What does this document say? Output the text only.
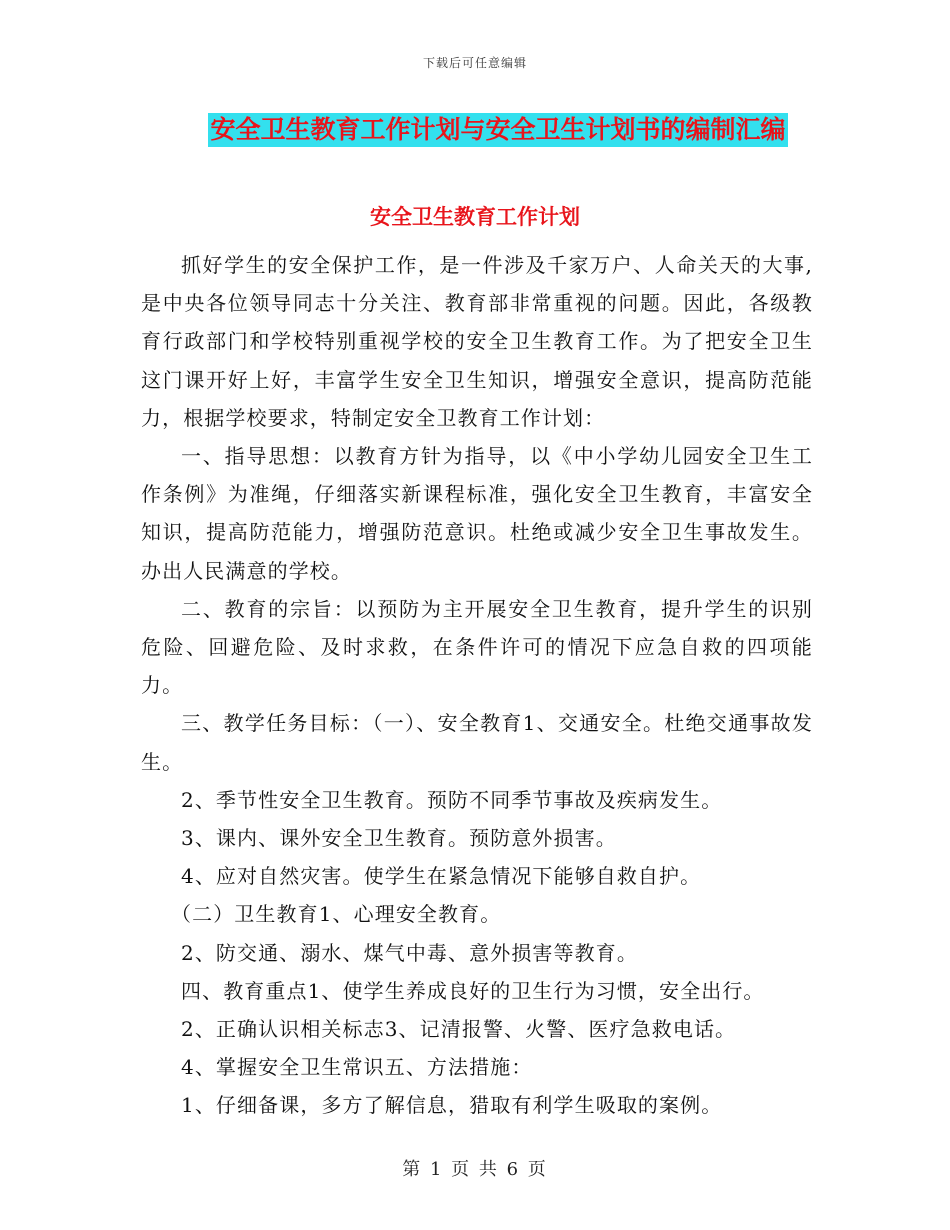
下载后可任意编辑
安全卫生教育工作计划与安全卫生计划书的编制汇编
安全卫生教育工作计划

抓好学生的安全保护工作，是一件涉及千家万户、人命关天的大事,是中央各位领导同志十分关注、教育部非常重视的问题。因此，各级教育行政部门和学校特别重视学校的安全卫生教育工作。为了把安全卫生这门课开好上好，丰富学生安全卫生知识，增强安全意识，提高防范能力，根据学校要求，特制定安全卫教育工作计划：

一、指导思想：以教育方针为指导，以《中小学幼儿园安全卫生工作条例》为准绳，仔细落实新课程标准，强化安全卫生教育，丰富安全知识，提高防范能力，增强防范意识。杜绝或减少安全卫生事故发生。办出人民满意的学校。

二、教育的宗旨：以预防为主开展安全卫生教育，提升学生的识别危险、回避危险、及时求救，在条件许可的情况下应急自救的四项能力。

三、教学任务目标：（一）、安全教育1、交通安全。杜绝交通事故发生。

2、季节性安全卫生教育。预防不同季节事故及疾病发生。

3、课内、课外安全卫生教育。预防意外损害。

4、应对自然灾害。使学生在紧急情况下能够自救自护。

（二）卫生教育1、心理安全教育。

2、防交通、溺水、煤气中毒、意外损害等教育。

四、教育重点1、使学生养成良好的卫生行为习惯，安全出行。

2、正确认识相关标志3、记清报警、火警、医疗急救电话。

4、掌握安全卫生常识五、方法措施：

1、仔细备课，多方了解信息，猎取有利学生吸取的案例。

第 1 页 共 6 页
